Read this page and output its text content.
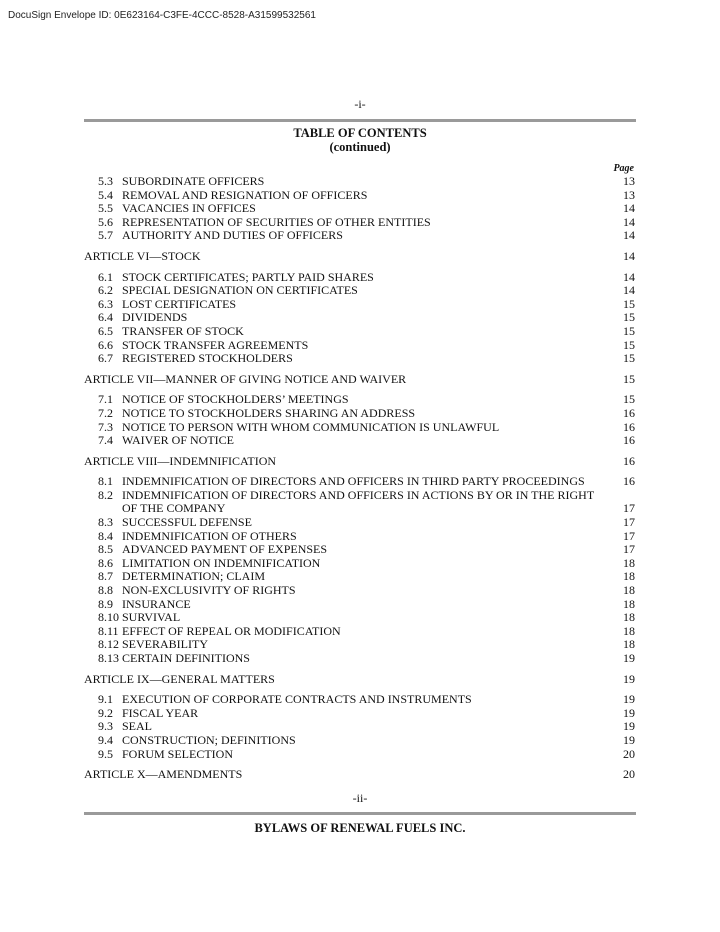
DocuSign Envelope ID: 0E623164-C3FE-4CCC-8528-A31599532561
-i-
TABLE OF CONTENTS
(continued)
Page
5.3 SUBORDINATE OFFICERS	13
5.4 REMOVAL AND RESIGNATION OF OFFICERS	13
5.5 VACANCIES IN OFFICES	14
5.6 REPRESENTATION OF SECURITIES OF OTHER ENTITIES	14
5.7 AUTHORITY AND DUTIES OF OFFICERS	14
ARTICLE VI—STOCK	14
6.1 STOCK CERTIFICATES; PARTLY PAID SHARES	14
6.2 SPECIAL DESIGNATION ON CERTIFICATES	14
6.3 LOST CERTIFICATES	15
6.4 DIVIDENDS	15
6.5 TRANSFER OF STOCK	15
6.6 STOCK TRANSFER AGREEMENTS	15
6.7 REGISTERED STOCKHOLDERS	15
ARTICLE VII—MANNER OF GIVING NOTICE AND WAIVER	15
7.1 NOTICE OF STOCKHOLDERS’ MEETINGS	15
7.2 NOTICE TO STOCKHOLDERS SHARING AN ADDRESS	16
7.3 NOTICE TO PERSON WITH WHOM COMMUNICATION IS UNLAWFUL	16
7.4 WAIVER OF NOTICE	16
ARTICLE VIII—INDEMNIFICATION	16
8.1 INDEMNIFICATION OF DIRECTORS AND OFFICERS IN THIRD PARTY PROCEEDINGS	16
8.2 INDEMNIFICATION OF DIRECTORS AND OFFICERS IN ACTIONS BY OR IN THE RIGHT OF THE COMPANY	17
8.3 SUCCESSFUL DEFENSE	17
8.4 INDEMNIFICATION OF OTHERS	17
8.5 ADVANCED PAYMENT OF EXPENSES	17
8.6 LIMITATION ON INDEMNIFICATION	18
8.7 DETERMINATION; CLAIM	18
8.8 NON-EXCLUSIVITY OF RIGHTS	18
8.9 INSURANCE	18
8.10 SURVIVAL	18
8.11 EFFECT OF REPEAL OR MODIFICATION	18
8.12 SEVERABILITY	18
8.13 CERTAIN DEFINITIONS	19
ARTICLE IX—GENERAL MATTERS	19
9.1 EXECUTION OF CORPORATE CONTRACTS AND INSTRUMENTS	19
9.2 FISCAL YEAR	19
9.3 SEAL	19
9.4 CONSTRUCTION; DEFINITIONS	19
9.5 FORUM SELECTION	20
ARTICLE X—AMENDMENTS	20
-ii-
BYLAWS OF RENEWAL FUELS INC.
